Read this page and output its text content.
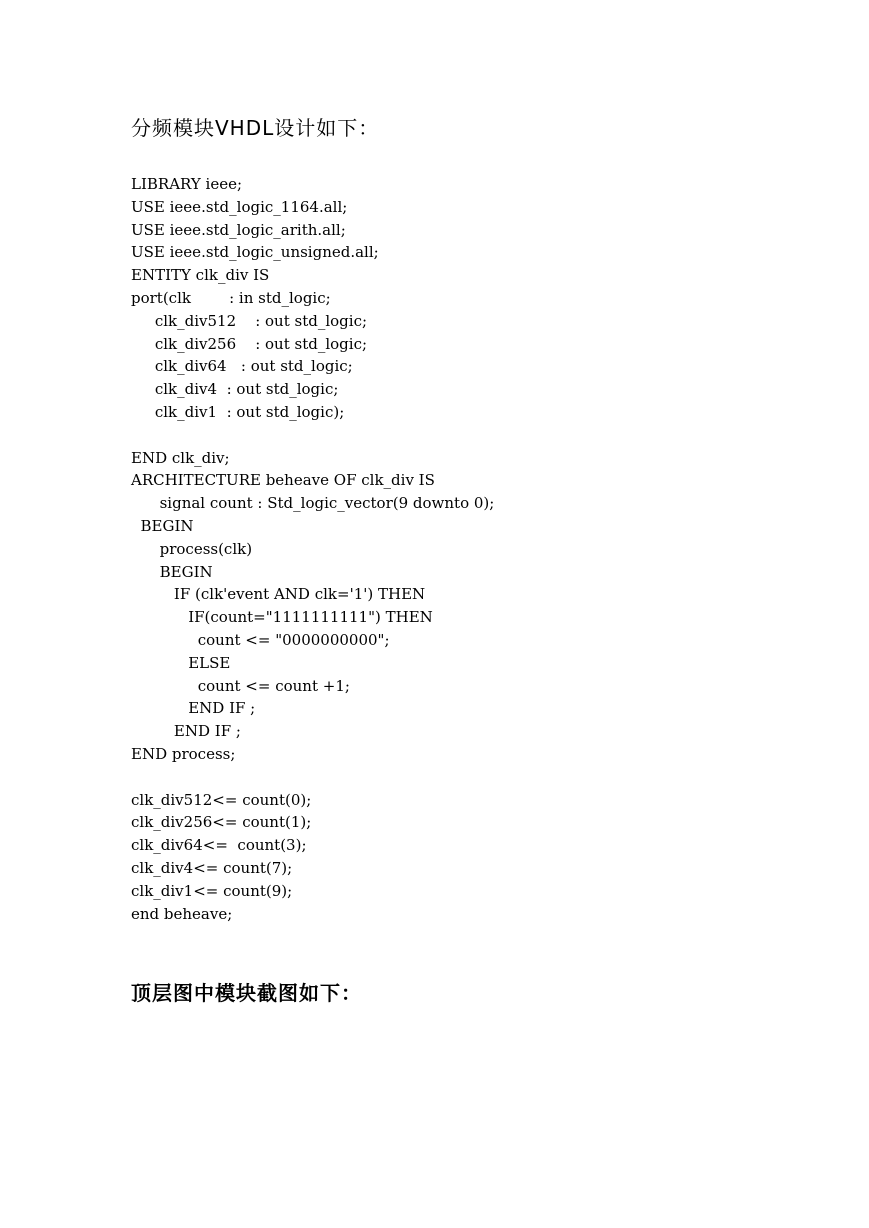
分频模块VHDL设计如下：
LIBRARY ieee;
USE ieee.std_logic_1164.all;
USE ieee.std_logic_arith.all;
USE ieee.std_logic_unsigned.all;
ENTITY clk_div IS
port(clk        : in std_logic;
clk_div512    : out std_logic;
clk_div256    : out std_logic;
clk_div64   : out std_logic;
clk_div4  : out std_logic;
clk_div1  : out std_logic);
END clk_div;
ARCHITECTURE beheave OF clk_div IS
signal count : Std_logic_vector(9 downto 0);
BEGIN
process(clk)
BEGIN
IF (clk'event AND clk='1') THEN
IF(count="1111111111") THEN
count <= "0000000000";
ELSE
count <= count +1;
END IF ;
END IF ;
END process;
clk_div512<= count(0);
clk_div256<= count(1);
clk_div64<=  count(3);
clk_div4<= count(7);
clk_div1<= count(9);
end beheave;
顶层图中模块截图如下：
